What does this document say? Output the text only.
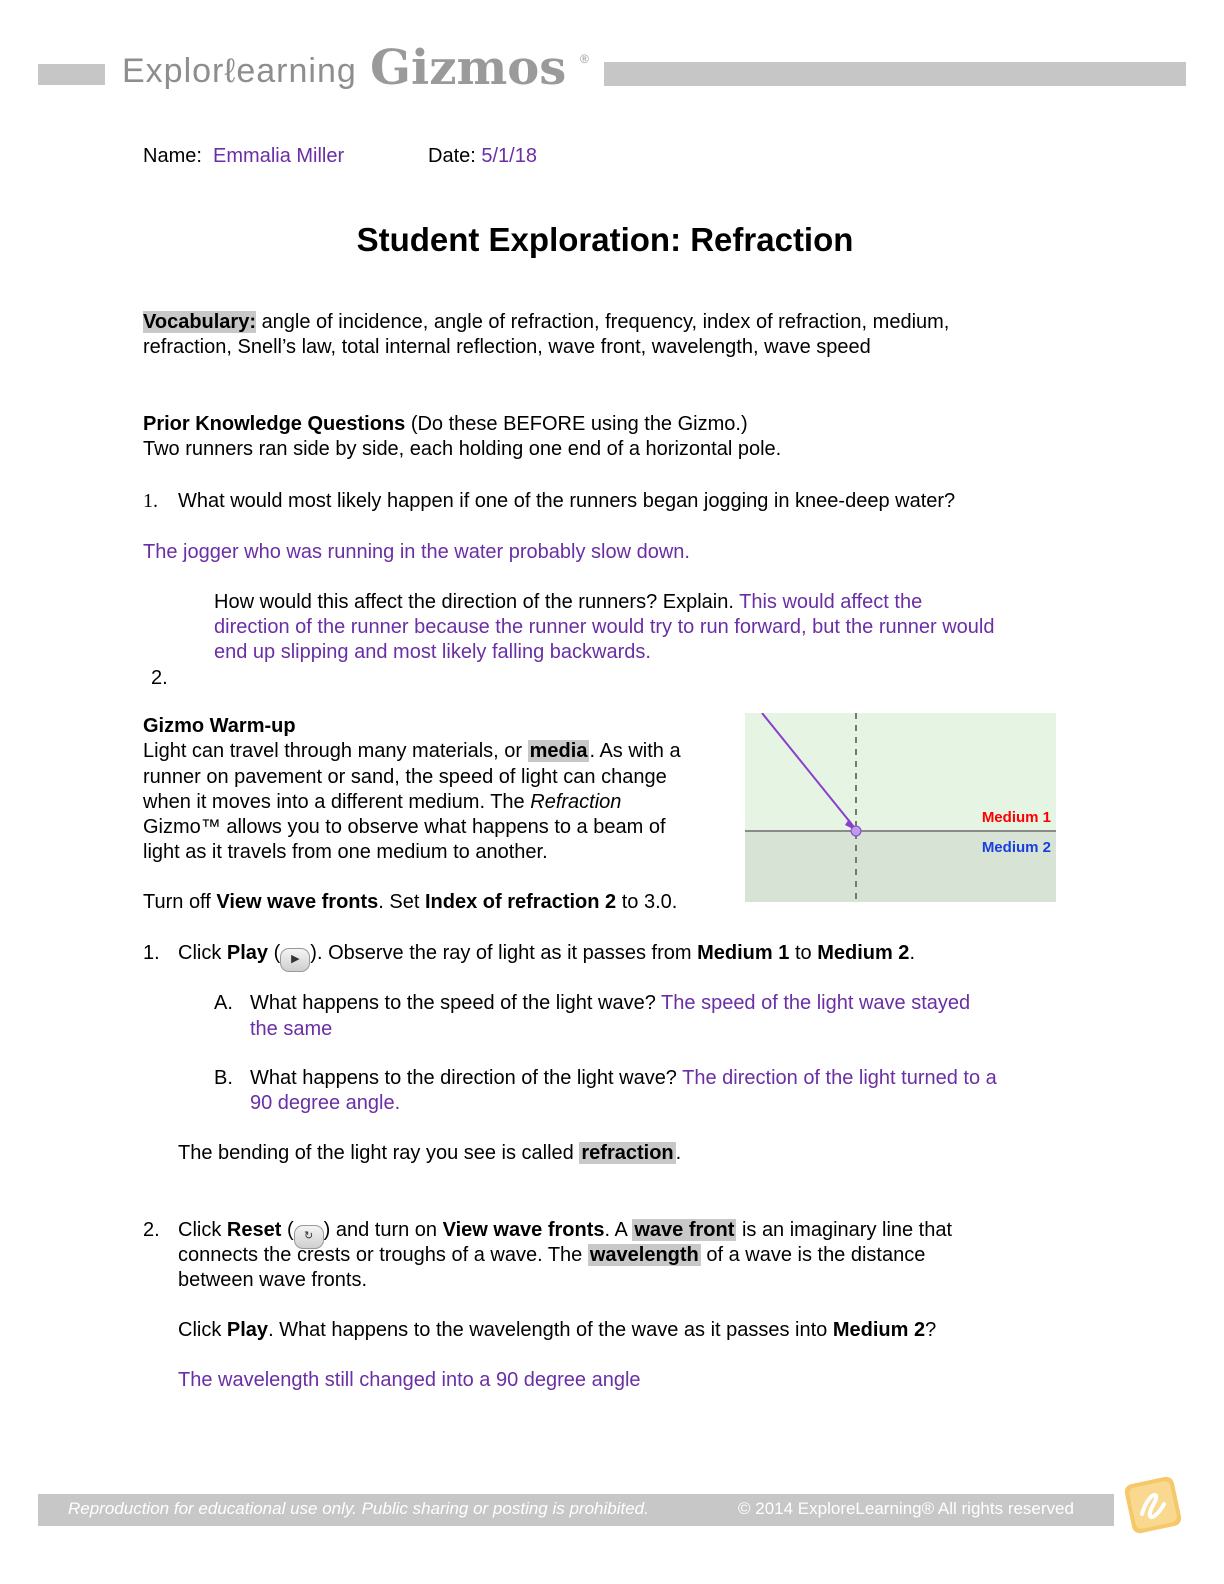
Explorℓearning Gizmos ®
Name: Emmalia Miller	Date: 5/1/18
Student Exploration: Refraction
Vocabulary: angle of incidence, angle of refraction, frequency, index of refraction, medium,
refraction, Snell’s law, total internal reflection, wave front, wavelength, wave speed
Prior Knowledge Questions (Do these BEFORE using the Gizmo.)
Two runners ran side by side, each holding one end of a horizontal pole.
1. What would most likely happen if one of the runners began jogging in knee-deep water?
The jogger who was running in the water probably slow down.
How would this affect the direction of the runners? Explain. This would affect the
direction of the runner because the runner would try to run forward, but the runner would
end up slipping and most likely falling backwards.
2.
Gizmo Warm-up
Light can travel through many materials, or media . As with a
runner on pavement or sand, the speed of light can change
when it moves into a different medium. The Refraction
Gizmo™ allows you to observe what happens to a beam of
light as it travels from one medium to another.
Turn off View wave fronts. Set Index of refraction 2 to 3.0.
Medium 1
Medium 2
1. Click Play ( ▶ ). Observe the ray of light as it passes from Medium 1 to Medium 2.
A. What happens to the speed of the light wave? The speed of the light wave stayed
the same
B. What happens to the direction of the light wave? The direction of the light turned to a
90 degree angle.
The bending of the light ray you see is called refraction .
2. Click Reset ( ↻ ) and turn on View wave fronts. A wave front is an imaginary line that
connects the crests or troughs of a wave. The wavelength of a wave is the distance
between wave fronts.
Click Play. What happens to the wavelength of the wave as it passes into Medium 2?
The wavelength still changed into a 90 degree angle
Reproduction for educational use only. Public sharing or posting is prohibited.	© 2014 ExploreLearning® All rights reserved
